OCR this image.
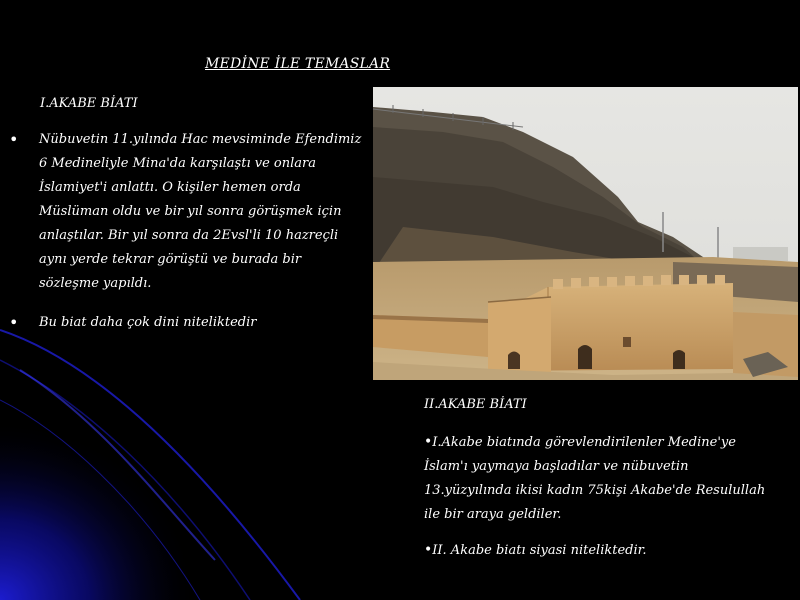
MEDİNE İLE TEMASLAR
I.AKABE BİATI
• Nübuvetin 11.yılında Hac mevsiminde Efendimiz 6 Medineliyle Mina'da karşılaştı ve onlara İslamiyet'i anlattı. O kişiler hemen orda Müslüman oldu ve bir yıl sonra görüşmek için anlaştılar. Bir yıl sonra da 2Evsl'li 10 hazreçli aynı yerde tekrar görüştü ve burada bir sözleşme yapıldı.
• Bu biat daha çok dini niteliktedir
II.AKABE BİATI
•I.Akabe biatında görevlendirilenler Medine'ye İslam'ı yaymaya başladılar ve nübuvetin 13.yüzyılında ikisi kadın 75kişi Akabe'de Resulullah ile bir araya geldiler.
•II. Akabe biatı siyasi niteliktedir.
